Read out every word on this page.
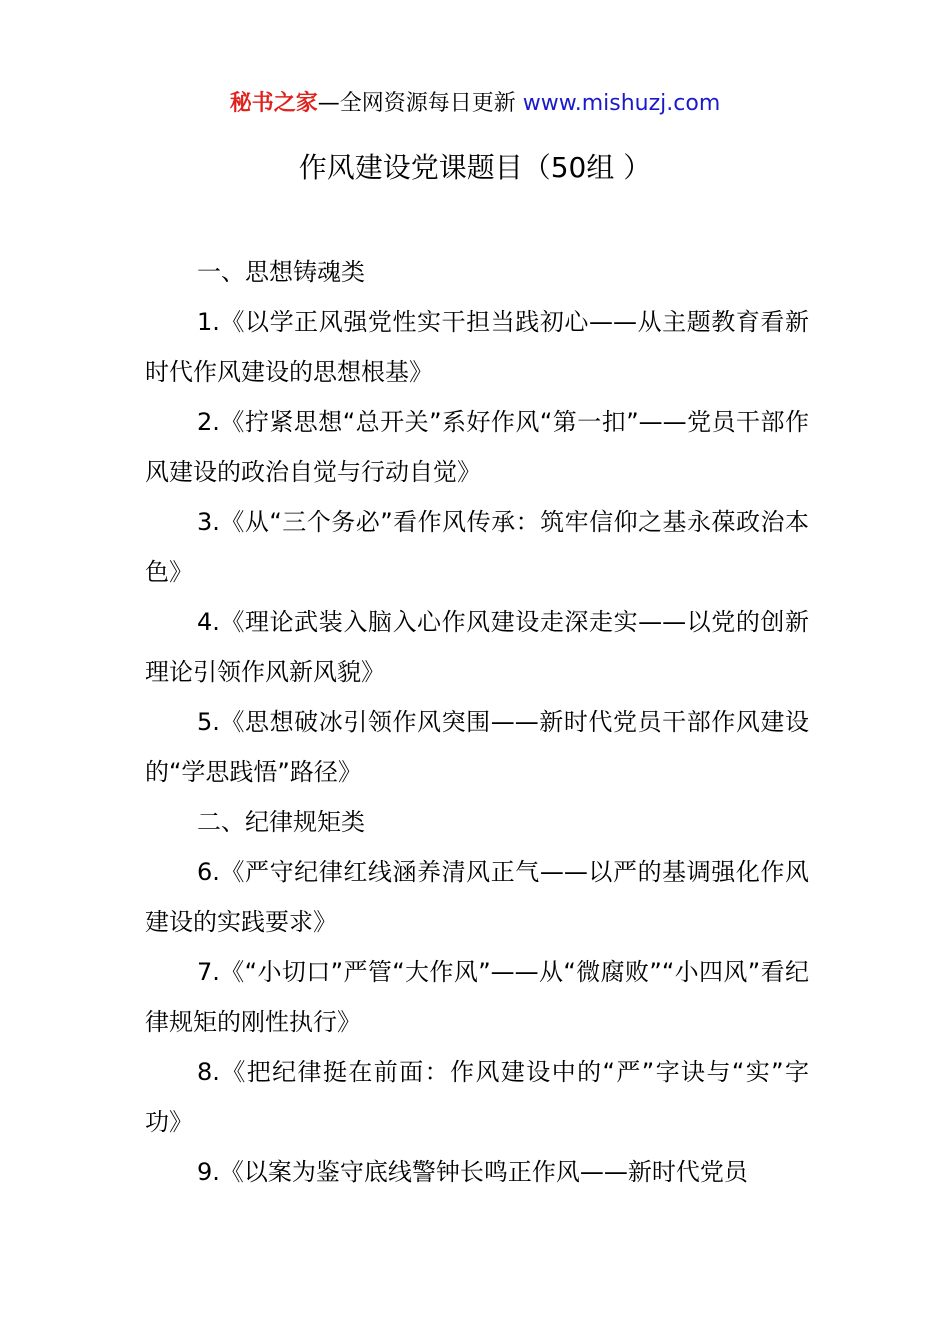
秘书之家—全网资源每日更新 www.mishuzj.com
作风建设党课题目（50组 ）

一、思想铸魂类

1.《以学正风强党性实干担当践初心——从主题教育看新时代作风建设的思想根基》

2.《拧紧思想“总开关”系好作风“第一扣”——党员干部作风建设的政治自觉与行动自觉》

3.《从“三个务必”看作风传承：筑牢信仰之基永葆政治本色》

4.《理论武装入脑入心作风建设走深走实——以党的创新理论引领作风新风貌》

5.《思想破冰引领作风突围——新时代党员干部作风建设的“学思践悟”路径》

二、纪律规矩类

6.《严守纪律红线涵养清风正气——以严的基调强化作风建设的实践要求》

7.《“小切口”严管“大作风”——从“微腐败”“小四风”看纪律规矩的刚性执行》

8.《把纪律挺在前面：作风建设中的“严”字诀与“实”字功》

9.《以案为鉴守底线警钟长鸣正作风——新时代党员
